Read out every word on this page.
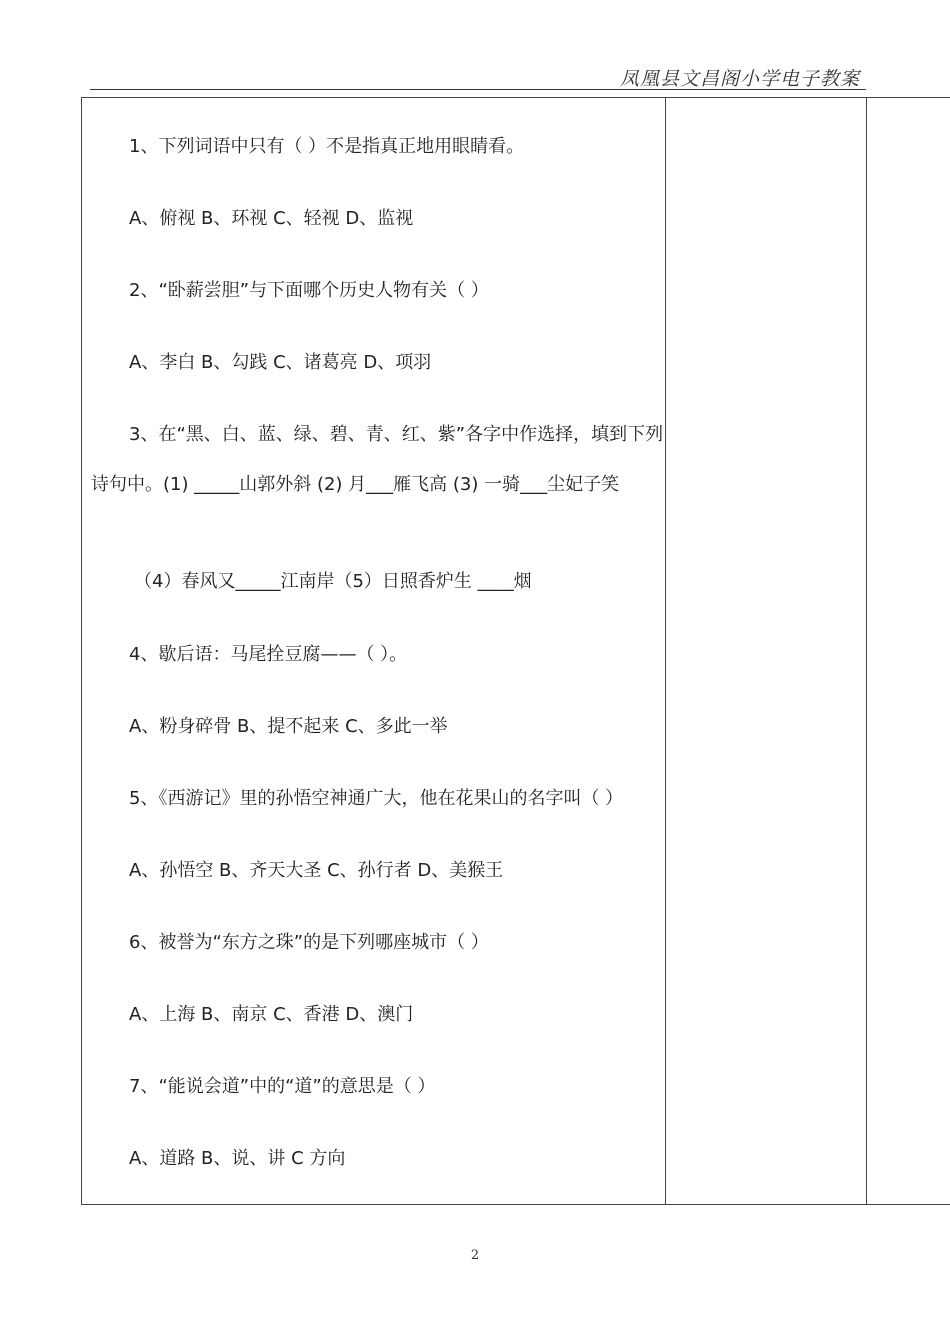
凤凰县文昌阁小学电子教案
1、下列词语中只有（ ）不是指真正地用眼睛看。
A、俯视 B、环视 C、轻视 D、监视
2、“卧薪尝胆”与下面哪个历史人物有关（ ）
A、李白 B、勾践 C、诸葛亮 D、项羽
3、在“黑、白、蓝、绿、碧、青、红、紫”各字中作选择，填到下列
诗句中。(1) _____山郭外斜 (2) 月___雁飞高 (3) 一骑___尘妃子笑
（4）春风又_____江南岸（5）日照香炉生 ____烟
4、歇后语：马尾拴豆腐——（ ）。
A、粉身碎骨 B、提不起来 C、多此一举
5、《西游记》里的孙悟空神通广大，他在花果山的名字叫（ ）
A、孙悟空 B、齐天大圣 C、孙行者 D、美猴王
6、被誉为“东方之珠”的是下列哪座城市（ ）
A、上海 B、南京 C、香港 D、澳门
7、“能说会道”中的“道”的意思是（ ）
A、道路 B、说、讲 C 方向

2
